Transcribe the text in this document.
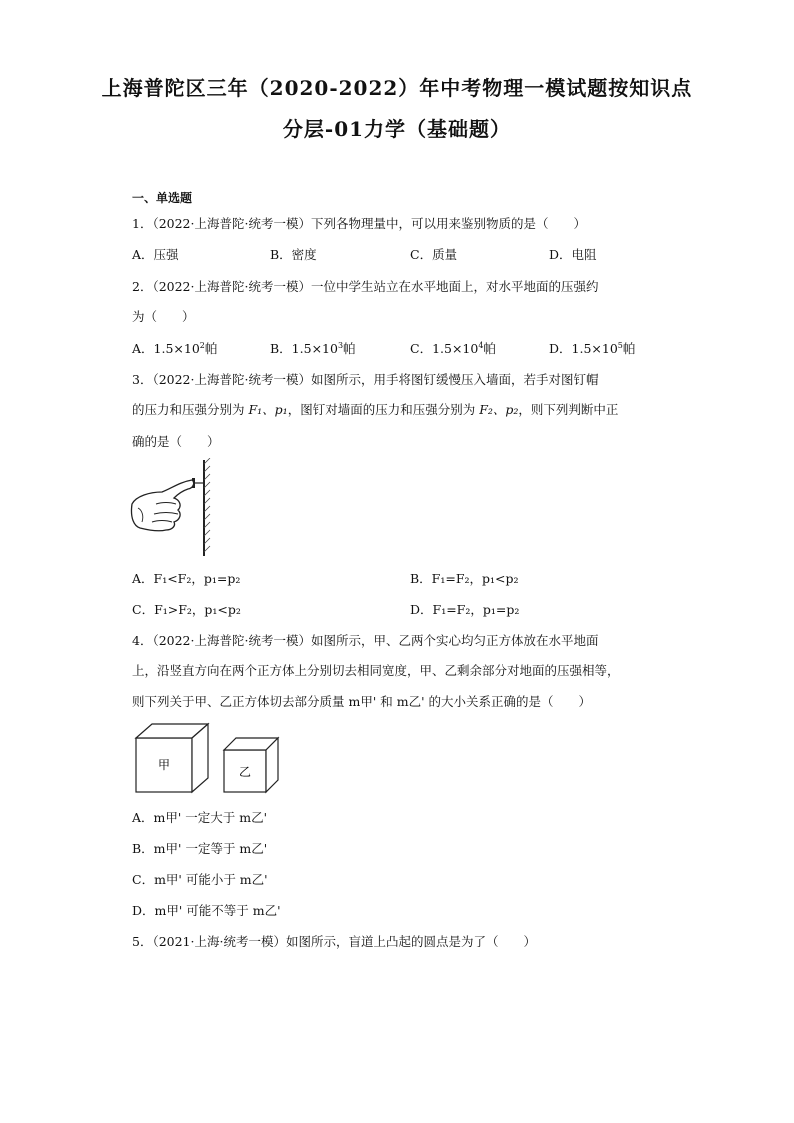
上海普陀区三年（2020-2022）年中考物理一模试题按知识点
分层-01力学（基础题）
一、单选题
1．（2022·上海普陀·统考一模）下列各物理量中，可以用来鉴别物质的是（　　）
A．压强	B．密度	C．质量	D．电阻
2．（2022·上海普陀·统考一模）一位中学生站立在水平地面上，对水平地面的压强约
为（　　）
A．$1.5\times 10^2$帕	B．$1.5\times 10^3$帕	C．$1.5\times 10^4$帕	D．$1.5\times 10^5$帕
3．（2022·上海普陀·统考一模）如图所示，用手将图钉缓慢压入墙面，若手对图钉帽
的压力和压强分别为 F₁、p₁，图钉对墙面的压力和压强分别为 F₂、p₂，则下列判断中正
确的是（　　）
A．F₁<F₂，p₁=p₂	B．F₁=F₂，p₁<p₂
C．F₁>F₂，p₁<p₂	D．F₁=F₂，p₁=p₂
4．（2022·上海普陀·统考一模）如图所示，甲、乙两个实心均匀正方体放在水平地面
上，沿竖直方向在两个正方体上分别切去相同宽度，甲、乙剩余部分对地面的压强相等，
则下列关于甲、乙正方体切去部分质量 m甲' 和 m乙' 的大小关系正确的是（　　）
甲	乙
A．m甲' 一定大于 m乙'
B．m甲' 一定等于 m乙'
C．m甲' 可能小于 m乙'
D．m甲' 可能不等于 m乙'
5．（2021·上海·统考一模）如图所示，盲道上凸起的圆点是为了（　　）
